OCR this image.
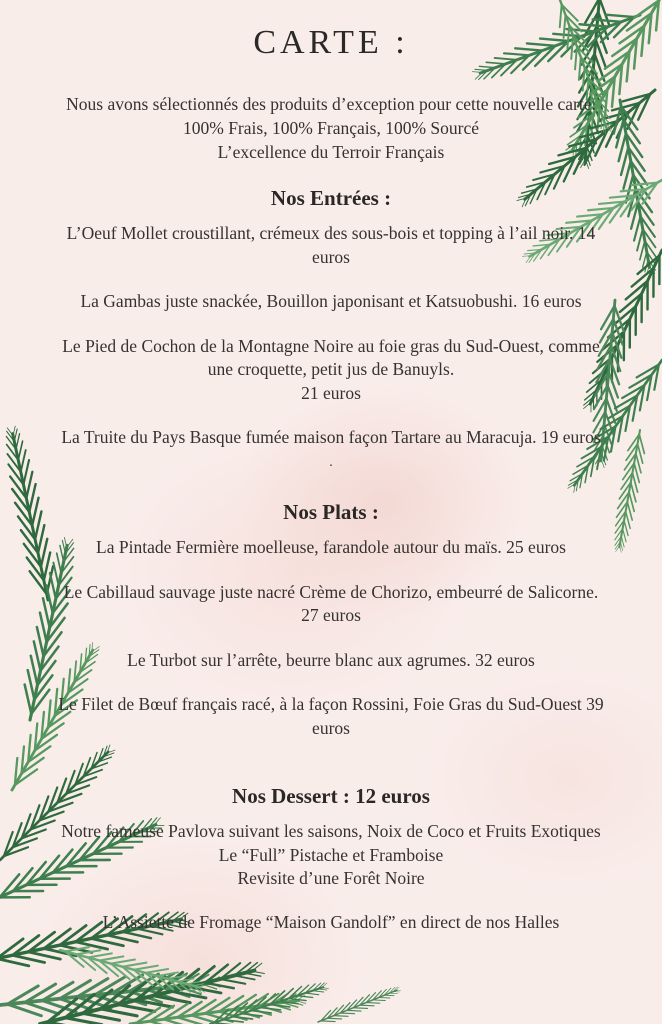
CARTE :

Nous avons sélectionnés des produits d’exception pour cette nouvelle carte. 100% Frais, 100% Français, 100% Sourcé
L’excellence du Terroir Français

Nos Entrées :

L’Oeuf Mollet croustillant, crémeux des sous-bois et topping à l’ail noir. 14 euros

La Gambas juste snackée, Bouillon japonisant et Katsuobushi. 16 euros

Le Pied de Cochon de la Montagne Noire au foie gras du Sud-Ouest, comme une croquette, petit jus de Banuyls.
21 euros

La Truite du Pays Basque fumée maison façon Tartare au Maracuja. 19 euros

.

Nos Plats :

La Pintade Fermière moelleuse, farandole autour du maïs. 25 euros

Le Cabillaud sauvage juste nacré Crème de Chorizo, embeurré de Salicorne. 27 euros

Le Turbot sur l’arrête, beurre blanc aux agrumes. 32 euros

Le Filet de Bœuf français racé, à la façon Rossini, Foie Gras du Sud-Ouest 39 euros

Nos Dessert : 12 euros

Notre fameuse Pavlova suivant les saisons, Noix de Coco et Fruits Exotiques

Le “Full” Pistache et Framboise

Revisite d’une Forêt Noire

L’Assiette de Fromage “Maison Gandolf” en direct de nos Halles
